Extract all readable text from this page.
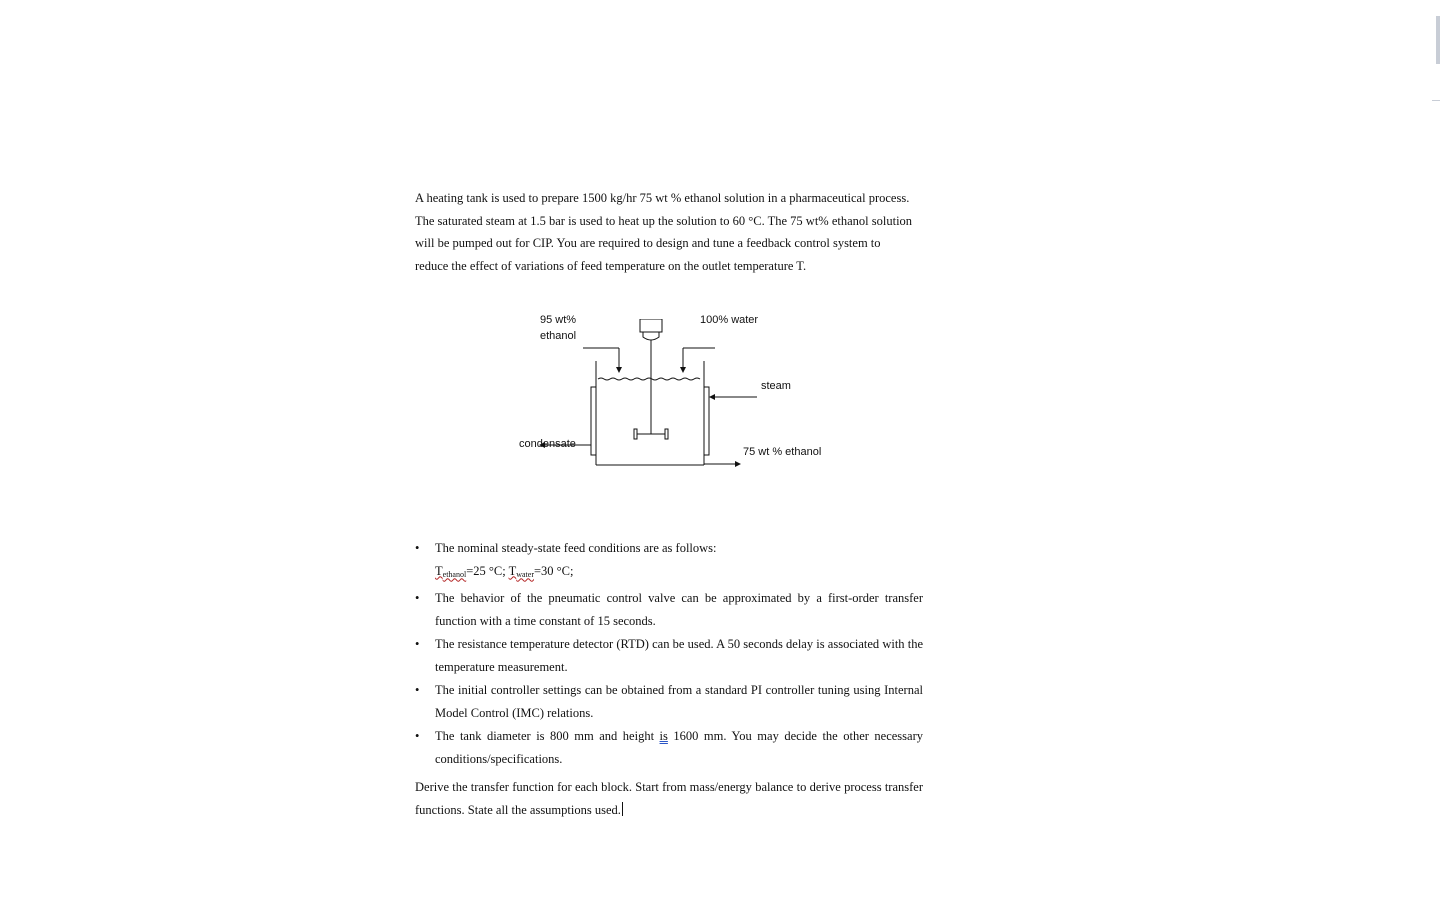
A heating tank is used to prepare 1500 kg/hr 75 wt % ethanol solution in a pharmaceutical process.
The saturated steam at 1.5 bar is used to heat up the solution to 60 °C. The 75 wt% ethanol solution
will be pumped out for CIP. You are required to design and tune a feedback control system to
reduce the effect of variations of feed temperature on the outlet temperature T.

95 wt%
ethanol
100% water
steam
condensate
75 wt % ethanol
•	The nominal steady-state feed conditions are as follows:
Tethanol=25 °C; Twater=30 °C;
•	The behavior of the pneumatic control valve can be approximated by a first-order transfer function with a time constant of 15 seconds.
•	The resistance temperature detector (RTD) can be used. A 50 seconds delay is associated with the temperature measurement.
•	The initial controller settings can be obtained from a standard PI controller tuning using Internal Model Control (IMC) relations.
•	The tank diameter is 800 mm and height is 1600 mm. You may decide the other necessary conditions/specifications.

Derive the transfer function for each block. Start from mass/energy balance to derive process transfer functions. State all the assumptions used.
